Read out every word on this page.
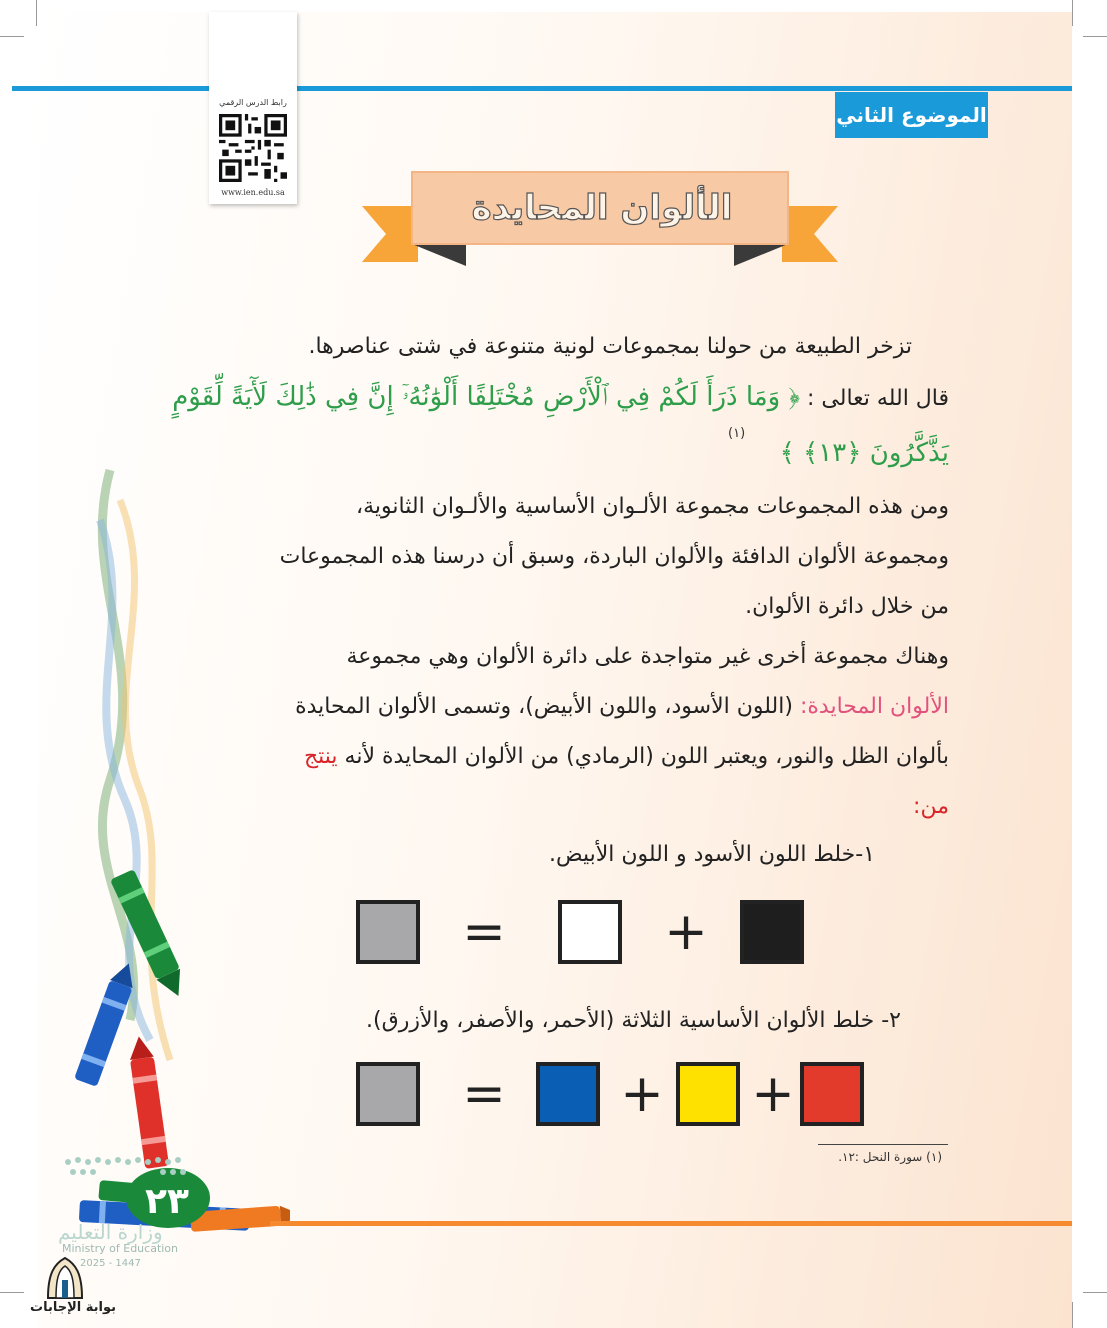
الموضوع الثاني
رابط الدرس الرقمي
www.ien.edu.sa	الألوان المحايدة
تزخر الطبيعة من حولنا بمجموعات لونية متنوعة في شتى عناصرها.
قال الله تعالى : ﴿ وَمَا ذَرَأَ لَكُمْ فِي ٱلْأَرْضِ مُخْتَلِفًا أَلْوَٰنُهُۥٓ إِنَّ فِي ذَٰلِكَ لَأٓيَةً لِّقَوْمٍ
يَذَّكَّرُونَ ﴿١٣﴾ ﴾
(١)
ومن هذه المجموعات مجموعة الألـوان الأساسية والألـوان الثانوية،
ومجموعة الألوان الدافئة والألوان الباردة، وسبق أن درسنا هذه المجموعات
من خلال دائرة الألوان.
وهناك مجموعة أخرى غير متواجدة على دائرة الألوان وهي مجموعة
الألوان المحايدة: (اللون الأسود، واللون الأبيض)، وتسمى الألوان المحايدة
بألوان الظل والنور، ويعتبر اللون (الرمادي) من الألوان المحايدة لأنه ينتج
من:
١-خلط اللون الأسود و اللون الأبيض.
=	+
٢- خلط الألوان الأساسية الثلاثة (الأحمر، والأصفر، والأزرق).
= + +
(١) سورة النحل :١٢.
٢٣
وزارة التعليم
Ministry of Education
2025 - 1447
بوابة الإجابات
